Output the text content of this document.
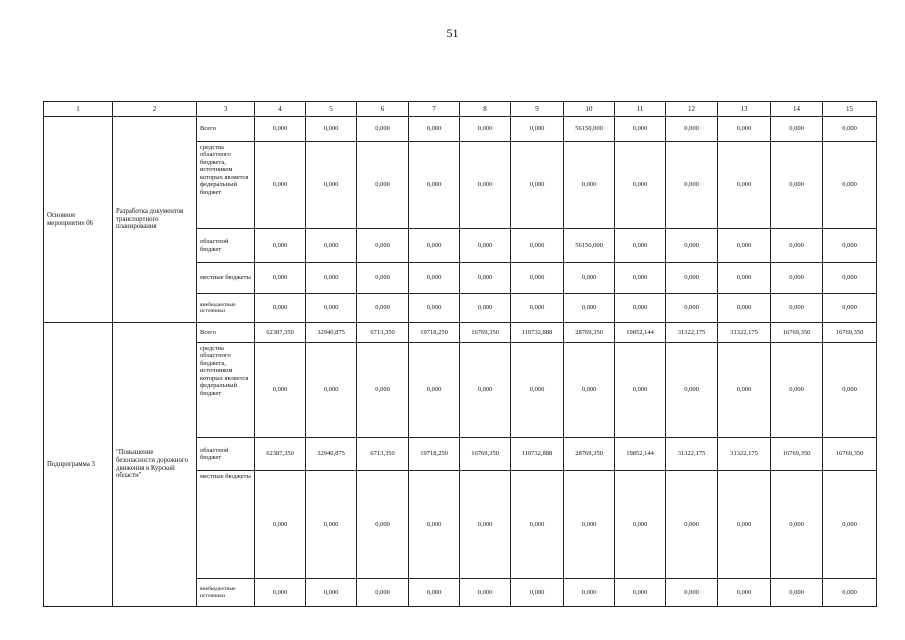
51
1	2	3	4	5	6	7	8	9	10	11	12	13	14	15
Основное мероприятие 06	Разработка документов транспортного планирования	Всего	0,000	0,000	0,000	0,000	0,000	0,000	56150,000	0,000	0,000	0,000	0,000	0,000
		средства областного бюджета, источником которых является федеральный бюджет	0,000	0,000	0,000	0,000	0,000	0,000	0,000	0,000	0,000	0,000	0,000	0,000
		областной бюджет	0,000	0,000	0,000	0,000	0,000	0,000	56150,000	0,000	0,000	0,000	0,000	0,000
		местные бюджеты	0,000	0,000	0,000	0,000	0,000	0,000	0,000	0,000	0,000	0,000	0,000	0,000
		внебюджетные источники	0,000	0,000	0,000	0,000	0,000	0,000	0,000	0,000	0,000	0,000	0,000	0,000
Подпрограмма 3	"Повышение безопасности дорожного движения в Курской области"	Всего	62387,350	32940,875	6713,350	19718,250	16769,350	110732,888	28769,350	19852,144	31322,175	31322,175	16769,350	16769,350
		средства областного бюджета, источником которых является федеральный бюджет	0,000	0,000	0,000	0,000	0,000	0,000	0,000	0,000	0,000	0,000	0,000	0,000
		областной бюджет	62387,350	32940,875	6713,350	19718,250	16769,350	110732,888	28769,350	19852,144	31322,175	31322,175	16769,350	16769,350
		местные бюджеты	0,000	0,000	0,000	0,000	0,000	0,000	0,000	0,000	0,000	0,000	0,000	0,000
		внебюджетные источники	0,000	0,000	0,000	0,000	0,000	0,000	0,000	0,000	0,000	0,000	0,000	0,000
